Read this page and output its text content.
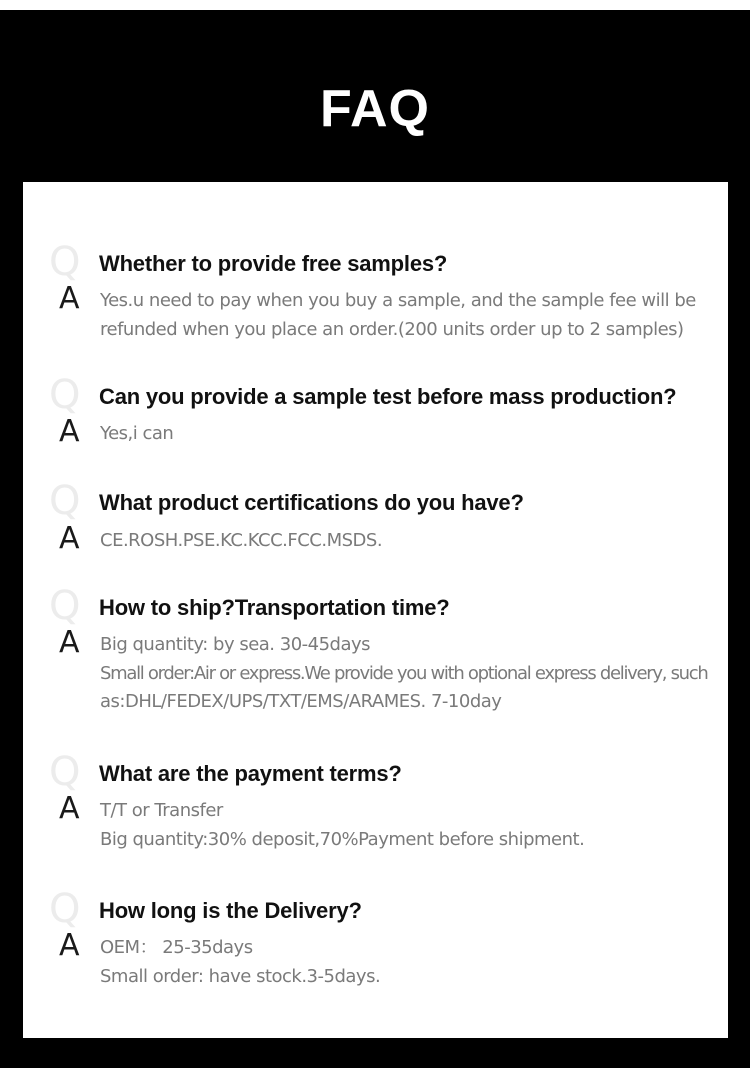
FAQ
Q Whether to provide free samples?
A Yes.u need to pay when you buy a sample, and the sample fee will be
refunded when you place an order.(200 units order up to 2 samples)
Q Can you provide a sample test before mass production?
A Yes,i can
Q What product certifications do you have?
A CE.ROSH.PSE.KC.KCC.FCC.MSDS.
Q How to ship?Transportation time?
A Big quantity: by sea. 30-45days
Small order:Air or express.We provide you with optional express delivery, such
as:DHL/FEDEX/UPS/TXT/EMS/ARAMES. 7-10day
Q What are the payment terms?
A T/T or Transfer
Big quantity:30% deposit,70%Payment before shipment.
Q How long is the Delivery?
A OEM： 25-35days
Small order: have stock.3-5days.
